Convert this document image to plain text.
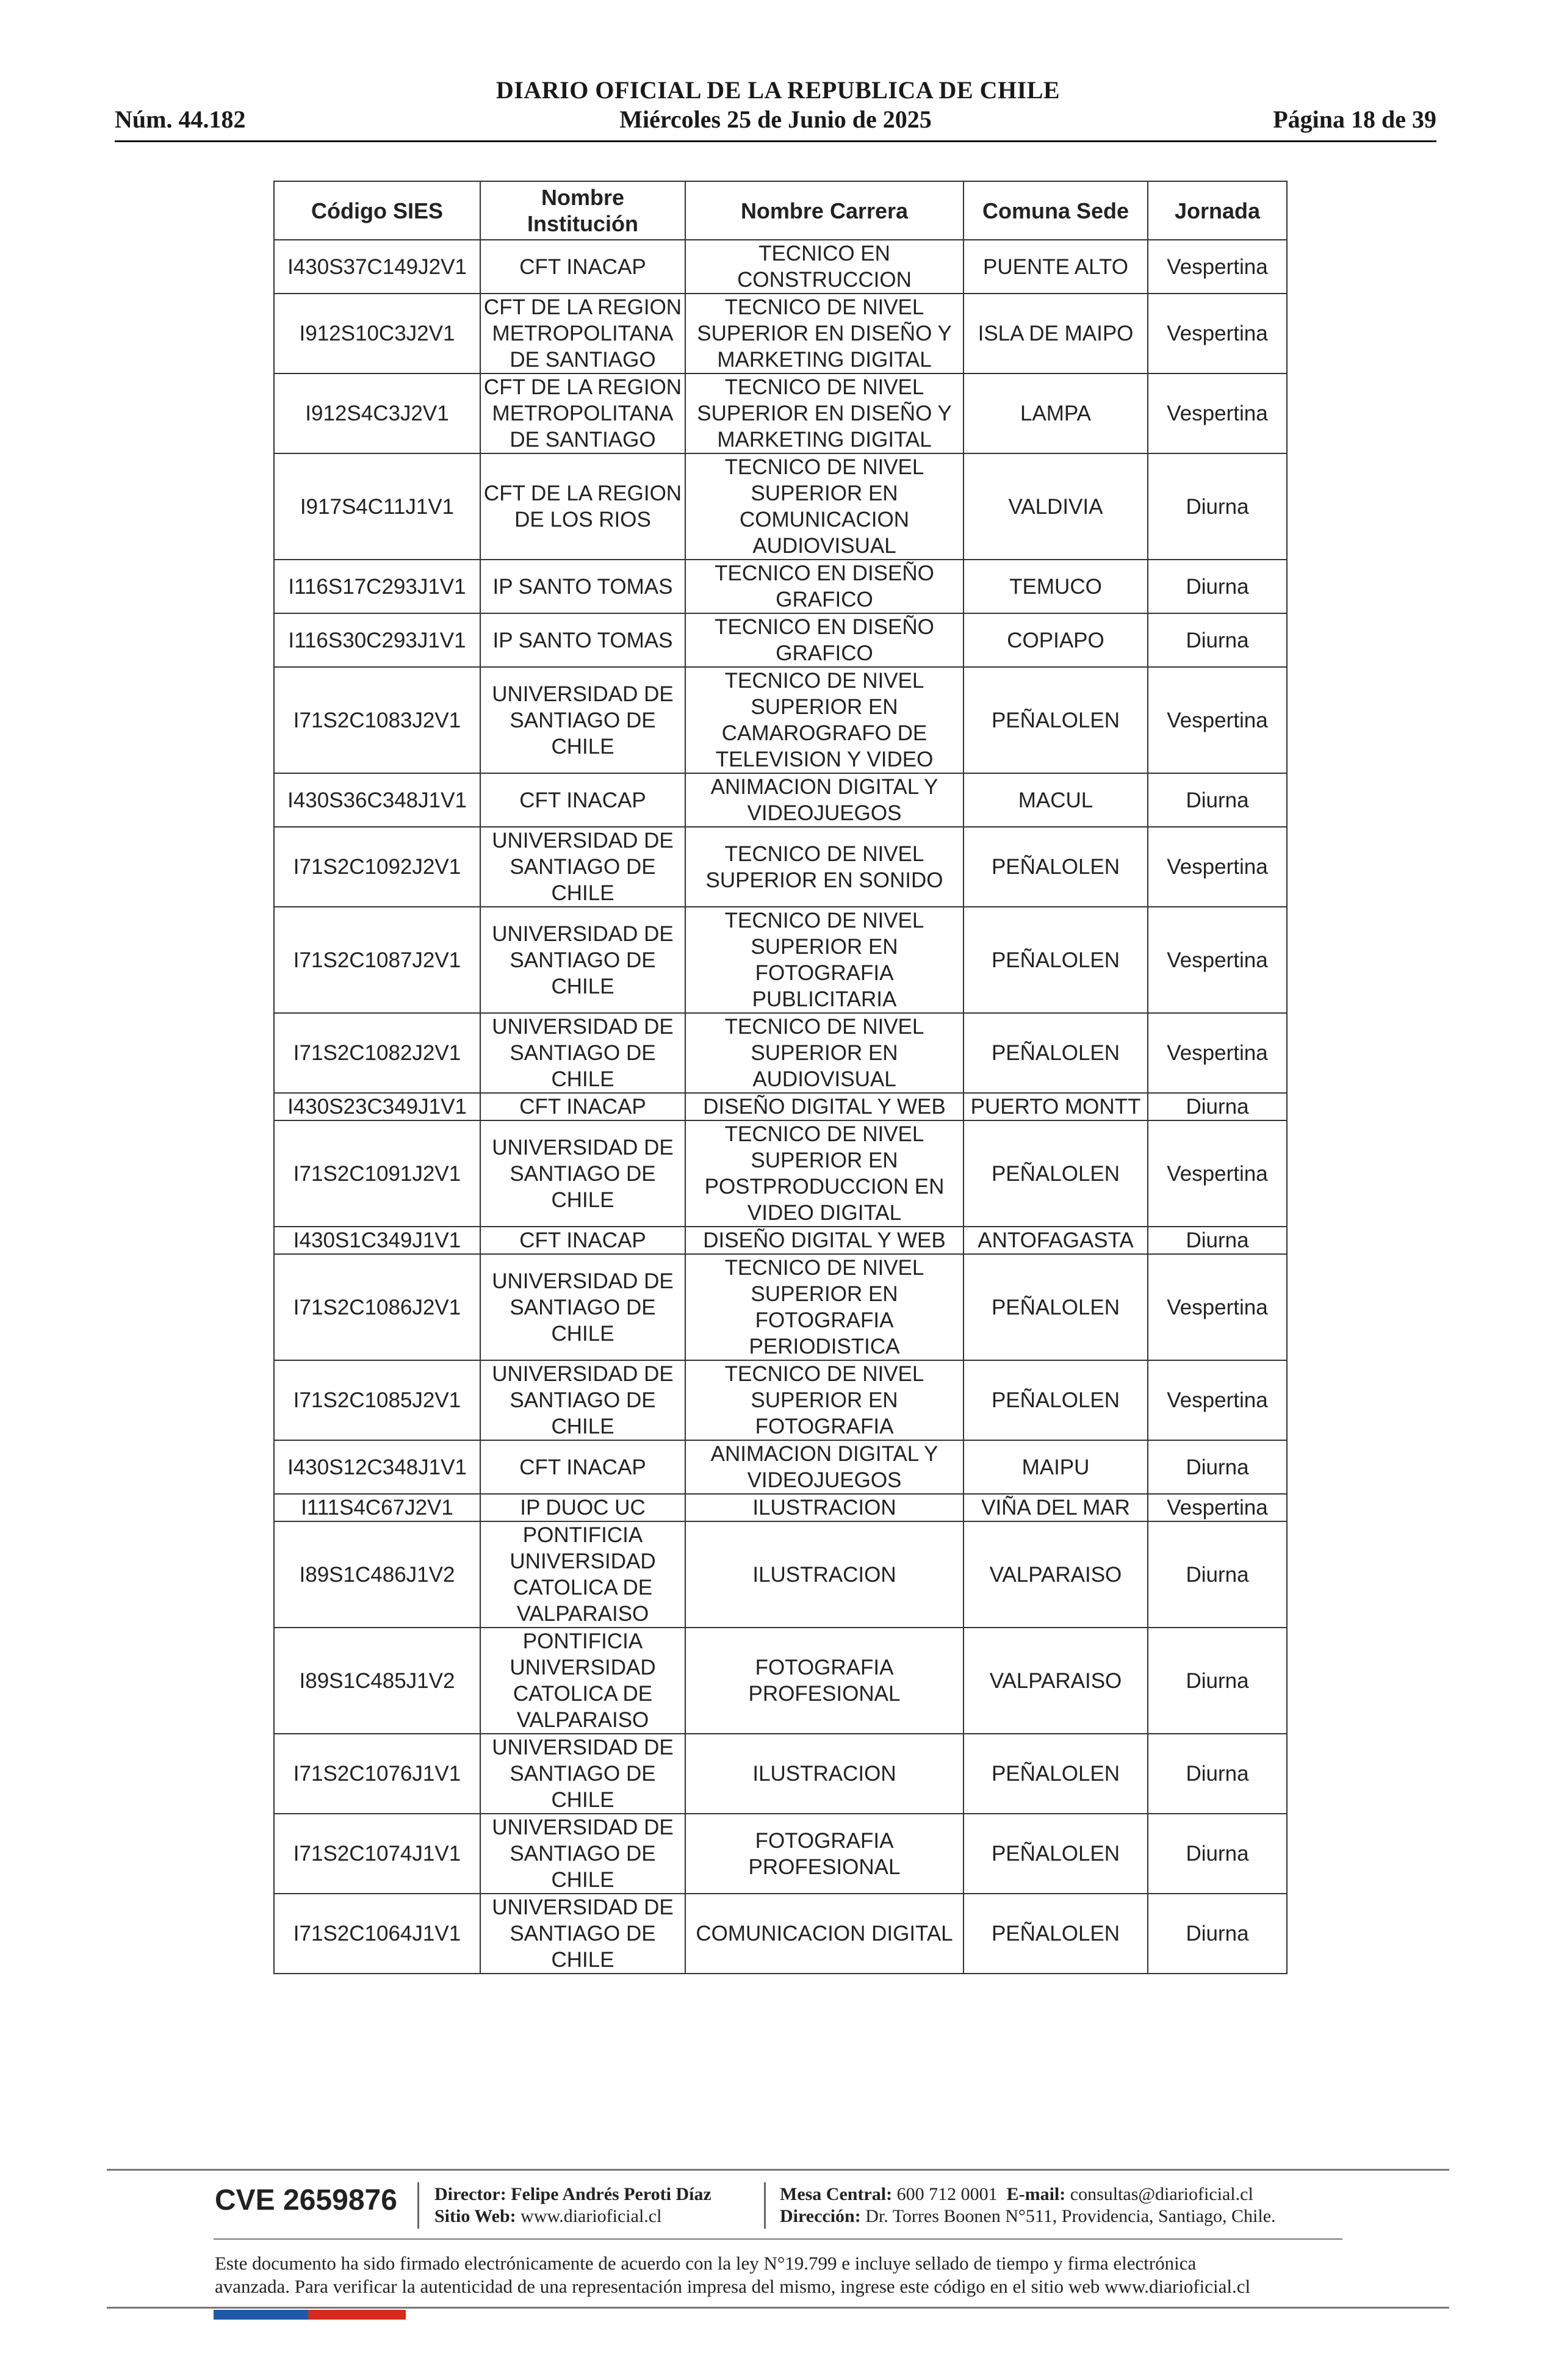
DIARIO OFICIAL DE LA REPUBLICA DE CHILE
Núm. 44.182	Miércoles 25 de Junio de 2025	Página 18 de 39
Código SIES	Nombre Institución	Nombre Carrera	Comuna Sede	Jornada
I430S37C149J2V1	CFT INACAP	TECNICO EN CONSTRUCCION	PUENTE ALTO	Vespertina
I912S10C3J2V1	CFT DE LA REGION METROPOLITANA DE SANTIAGO	TECNICO DE NIVEL SUPERIOR EN DISEÑO Y MARKETING DIGITAL	ISLA DE MAIPO	Vespertina
I912S4C3J2V1	CFT DE LA REGION METROPOLITANA DE SANTIAGO	TECNICO DE NIVEL SUPERIOR EN DISEÑO Y MARKETING DIGITAL	LAMPA	Vespertina
I917S4C11J1V1	CFT DE LA REGION DE LOS RIOS	TECNICO DE NIVEL SUPERIOR EN COMUNICACION AUDIOVISUAL	VALDIVIA	Diurna
I116S17C293J1V1	IP SANTO TOMAS	TECNICO EN DISEÑO GRAFICO	TEMUCO	Diurna
I116S30C293J1V1	IP SANTO TOMAS	TECNICO EN DISEÑO GRAFICO	COPIAPO	Diurna
I71S2C1083J2V1	UNIVERSIDAD DE SANTIAGO DE CHILE	TECNICO DE NIVEL SUPERIOR EN CAMAROGRAFO DE TELEVISION Y VIDEO	PEÑALOLEN	Vespertina
I430S36C348J1V1	CFT INACAP	ANIMACION DIGITAL Y VIDEOJUEGOS	MACUL	Diurna
I71S2C1092J2V1	UNIVERSIDAD DE SANTIAGO DE CHILE	TECNICO DE NIVEL SUPERIOR EN SONIDO	PEÑALOLEN	Vespertina
I71S2C1087J2V1	UNIVERSIDAD DE SANTIAGO DE CHILE	TECNICO DE NIVEL SUPERIOR EN FOTOGRAFIA PUBLICITARIA	PEÑALOLEN	Vespertina
I71S2C1082J2V1	UNIVERSIDAD DE SANTIAGO DE CHILE	TECNICO DE NIVEL SUPERIOR EN AUDIOVISUAL	PEÑALOLEN	Vespertina
I430S23C349J1V1	CFT INACAP	DISEÑO DIGITAL Y WEB	PUERTO MONTT	Diurna
I71S2C1091J2V1	UNIVERSIDAD DE SANTIAGO DE CHILE	TECNICO DE NIVEL SUPERIOR EN POSTPRODUCCION EN VIDEO DIGITAL	PEÑALOLEN	Vespertina
I430S1C349J1V1	CFT INACAP	DISEÑO DIGITAL Y WEB	ANTOFAGASTA	Diurna
I71S2C1086J2V1	UNIVERSIDAD DE SANTIAGO DE CHILE	TECNICO DE NIVEL SUPERIOR EN FOTOGRAFIA PERIODISTICA	PEÑALOLEN	Vespertina
I71S2C1085J2V1	UNIVERSIDAD DE SANTIAGO DE CHILE	TECNICO DE NIVEL SUPERIOR EN FOTOGRAFIA	PEÑALOLEN	Vespertina
I430S12C348J1V1	CFT INACAP	ANIMACION DIGITAL Y VIDEOJUEGOS	MAIPU	Diurna
I111S4C67J2V1	IP DUOC UC	ILUSTRACION	VIÑA DEL MAR	Vespertina
I89S1C486J1V2	PONTIFICIA UNIVERSIDAD CATOLICA DE VALPARAISO	ILUSTRACION	VALPARAISO	Diurna
I89S1C485J1V2	PONTIFICIA UNIVERSIDAD CATOLICA DE VALPARAISO	FOTOGRAFIA PROFESIONAL	VALPARAISO	Diurna
I71S2C1076J1V1	UNIVERSIDAD DE SANTIAGO DE CHILE	ILUSTRACION	PEÑALOLEN	Diurna
I71S2C1074J1V1	UNIVERSIDAD DE SANTIAGO DE CHILE	FOTOGRAFIA PROFESIONAL	PEÑALOLEN	Diurna
I71S2C1064J1V1	UNIVERSIDAD DE SANTIAGO DE CHILE	COMUNICACION DIGITAL	PEÑALOLEN	Diurna
CVE 2659876 Director: Felipe Andrés Peroti Díaz
Sitio Web: www.diarioficial.cl
Mesa Central: 600 712 0001 E-mail: consultas@diarioficial.cl
Dirección: Dr. Torres Boonen N°511, Providencia, Santiago, Chile.
Este documento ha sido firmado electrónicamente de acuerdo con la ley N°19.799 e incluye sellado de tiempo y firma electrónica
avanzada. Para verificar la autenticidad de una representación impresa del mismo, ingrese este código en el sitio web www.diarioficial.cl
